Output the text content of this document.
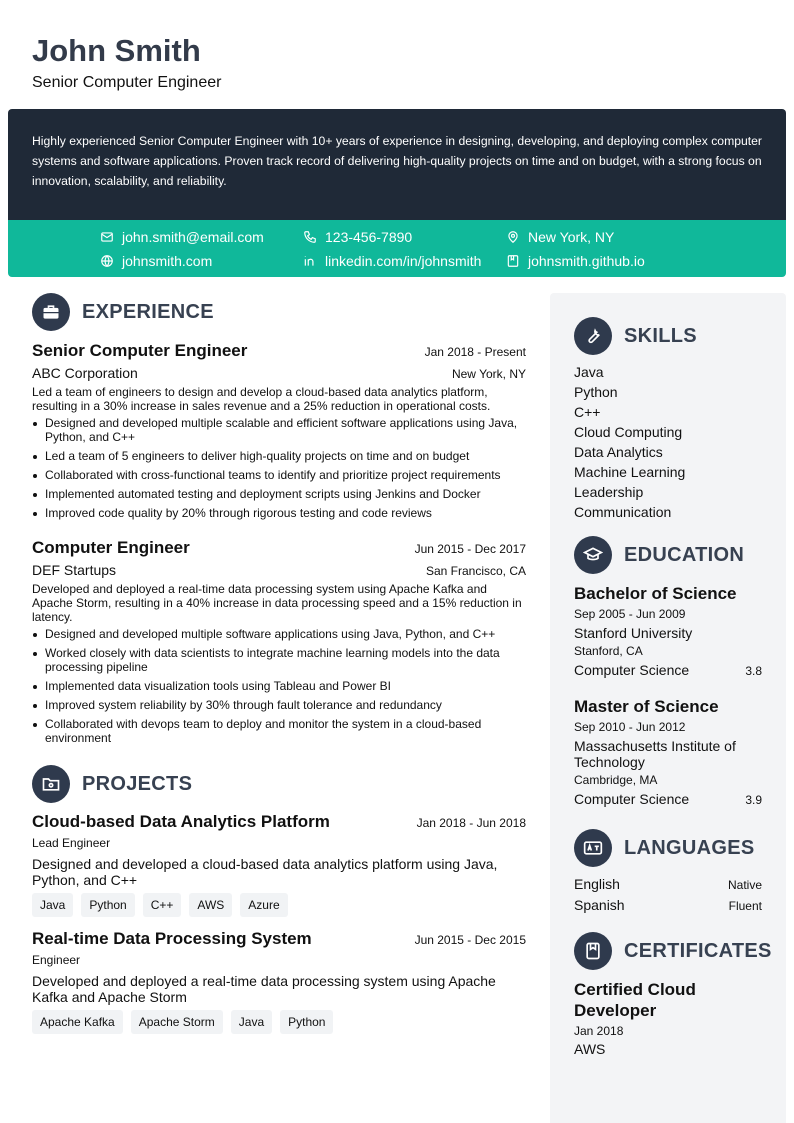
John Smith
Senior Computer Engineer
Highly experienced Senior Computer Engineer with 10+ years of experience in designing, developing, and deploying complex computer systems and software applications. Proven track record of delivering high-quality projects on time and on budget, with a strong focus on innovation, scalability, and reliability.
john.smith@email.com	123-456-7890	New York, NY
johnsmith.com	linkedin.com/in/johnsmith	johnsmith.github.io
EXPERIENCE
Senior Computer Engineer	Jan 2018 - Present
ABC Corporation	New York, NY
Led a team of engineers to design and develop a cloud-based data analytics platform, resulting in a 30% increase in sales revenue and a 25% reduction in operational costs.
Designed and developed multiple scalable and efficient software applications using Java, Python, and C++
Led a team of 5 engineers to deliver high-quality projects on time and on budget
Collaborated with cross-functional teams to identify and prioritize project requirements
Implemented automated testing and deployment scripts using Jenkins and Docker
Improved code quality by 20% through rigorous testing and code reviews
Computer Engineer	Jun 2015 - Dec 2017
DEF Startups	San Francisco, CA
Developed and deployed a real-time data processing system using Apache Kafka and Apache Storm, resulting in a 40% increase in data processing speed and a 15% reduction in latency.
Designed and developed multiple software applications using Java, Python, and C++
Worked closely with data scientists to integrate machine learning models into the data processing pipeline
Implemented data visualization tools using Tableau and Power BI
Improved system reliability by 30% through fault tolerance and redundancy
Collaborated with devops team to deploy and monitor the system in a cloud-based environment
PROJECTS
Cloud-based Data Analytics Platform	Jan 2018 - Jun 2018
Lead Engineer
Designed and developed a cloud-based data analytics platform using Java, Python, and C++
Java	Python	C++	AWS	Azure
Real-time Data Processing System	Jun 2015 - Dec 2015
Engineer
Developed and deployed a real-time data processing system using Apache Kafka and Apache Storm
Apache Kafka	Apache Storm	Java	Python
SKILLS
Java
Python
C++
Cloud Computing
Data Analytics
Machine Learning
Leadership
Communication
EDUCATION
Bachelor of Science
Sep 2005 - Jun 2009
Stanford University
Stanford, CA
Computer Science	3.8
Master of Science
Sep 2010 - Jun 2012
Massachusetts Institute of Technology
Cambridge, MA
Computer Science	3.9
LANGUAGES
English	Native
Spanish	Fluent
CERTIFICATES
Certified Cloud Developer
Jan 2018
AWS
